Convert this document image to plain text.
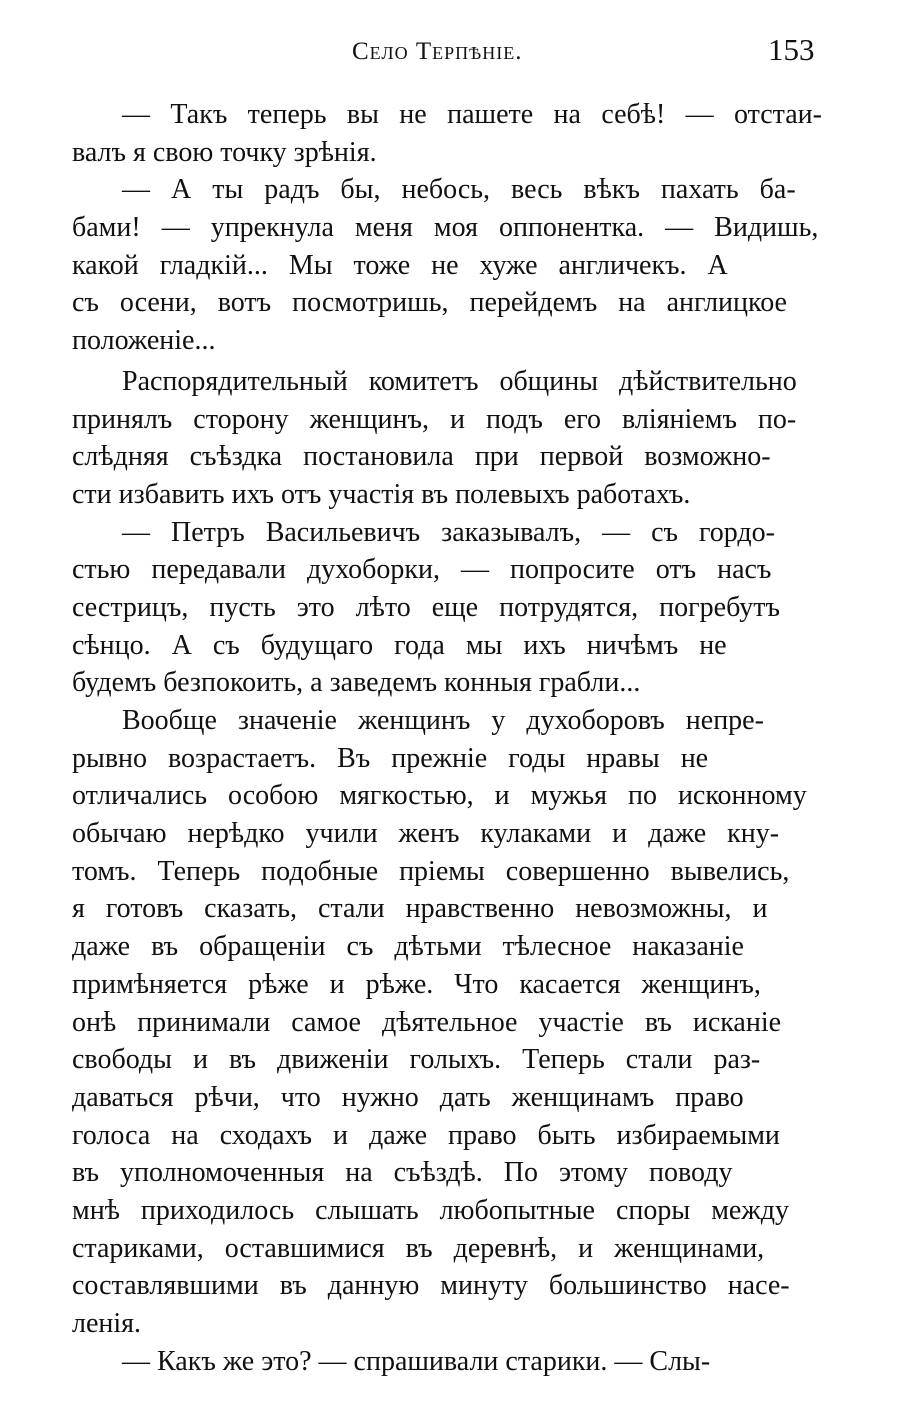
Село Терпѣніе.	153
— Такъ теперь вы не пашете на себѣ! — отстаи-
валъ я свою точку зрѣнія.
— А ты радъ бы, небось, весь вѣкъ пахать ба-
бами! — упрекнула меня моя оппонентка. — Видишь,
какой гладкій... Мы тоже не хуже англичекъ. А
съ осени, вотъ посмотришь, перейдемъ на англицкое
положеніе...
Распорядительный комитетъ общины дѣйствительно
принялъ сторону женщинъ, и подъ его вліяніемъ по-
слѣдняя съѣздка постановила при первой возможно-
сти избавить ихъ отъ участія въ полевыхъ работахъ.
— Петръ Васильевичъ заказывалъ, — съ гордо-
стью передавали духоборки, — попросите отъ насъ
сестрицъ, пусть это лѣто еще потрудятся, погребутъ
сѣнцо. А съ будущаго года мы ихъ ничѣмъ не
будемъ безпокоить, а заведемъ конныя грабли...
Вообще значеніе женщинъ у духоборовъ непре-
рывно возрастаетъ. Въ прежніе годы нравы не
отличались особою мягкостью, и мужья по исконному
обычаю нерѣдко учили женъ кулаками и даже кну-
томъ. Теперь подобные пріемы совершенно вывелись,
я готовъ сказать, стали нравственно невозможны, и
даже въ обращеніи съ дѣтьми тѣлесное наказаніе
примѣняется рѣже и рѣже. Что касается женщинъ,
онѣ принимали самое дѣятельное участіе въ исканіе
свободы и въ движеніи голыхъ. Теперь стали раз-
даваться рѣчи, что нужно дать женщинамъ право
голоса на сходахъ и даже право быть избираемыми
въ уполномоченныя на съѣздѣ. По этому поводу
мнѣ приходилось слышать любопытные споры между
стариками, оставшимися въ деревнѣ, и женщинами,
составлявшими въ данную минуту большинство насе-
ленія.
— Какъ же это? — спрашивали старики. — Слы-
